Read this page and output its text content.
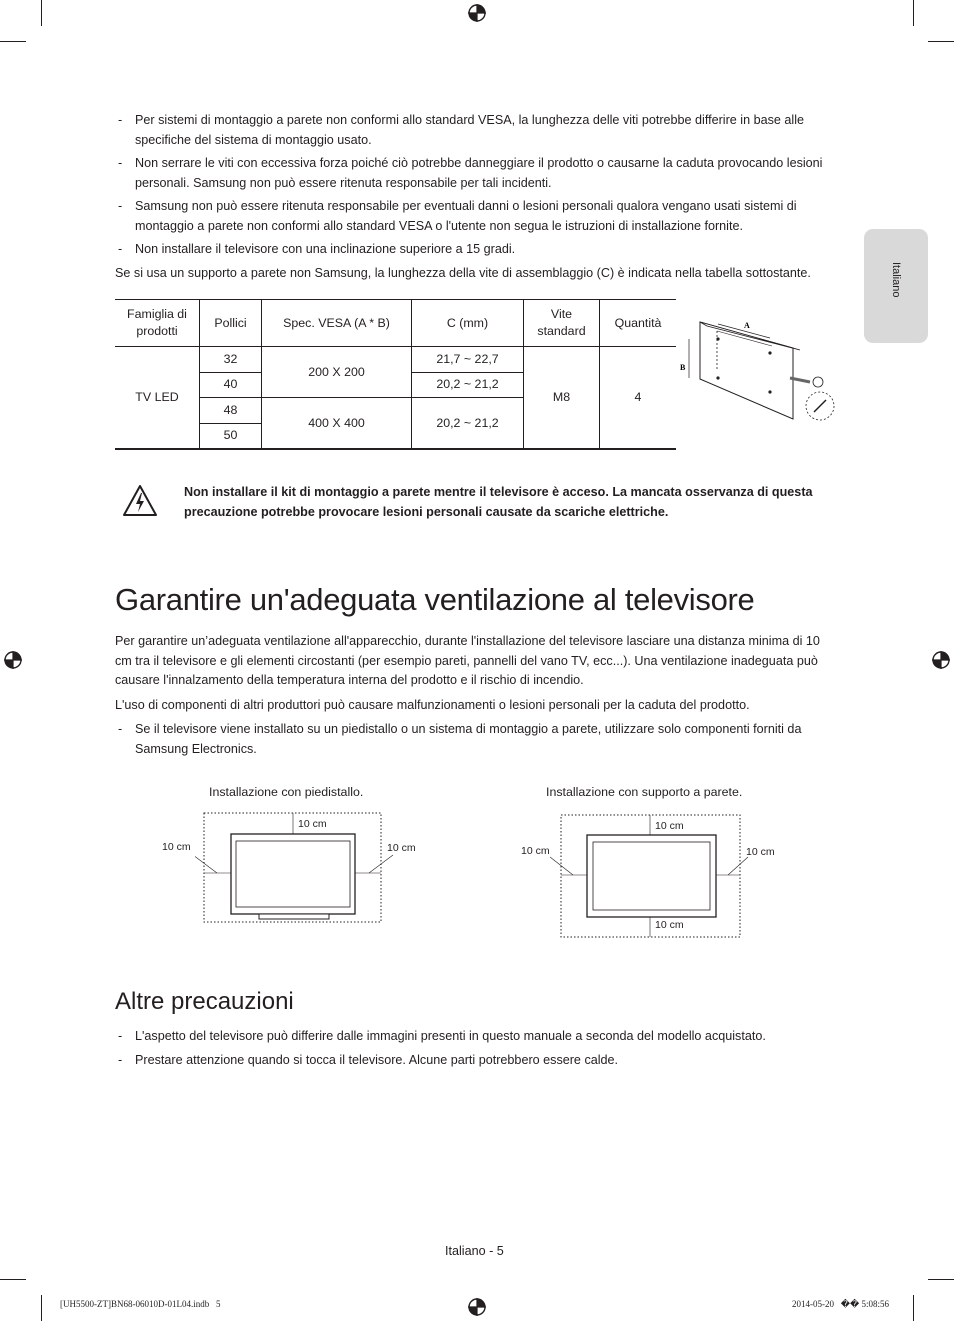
Italiano
- Per sistemi di montaggio a parete non conformi allo standard VESA, la lunghezza delle viti potrebbe differire in base alle specifiche del sistema di montaggio usato.
- Non serrare le viti con eccessiva forza poiché ciò potrebbe danneggiare il prodotto o causarne la caduta provocando lesioni personali. Samsung non può essere ritenuta responsabile per tali incidenti.
- Samsung non può essere ritenuta responsabile per eventuali danni o lesioni personali qualora vengano usati sistemi di montaggio a parete non conformi allo standard VESA o l'utente non segua le istruzioni di installazione fornite.
- Non installare il televisore con una inclinazione superiore a 15 gradi.
Se si usa un supporto a parete non Samsung, la lunghezza della vite di assemblaggio (C) è indicata nella tabella sottostante.
Famiglia di prodotti	Pollici	Spec. VESA (A * B)	C (mm)	Vite standard	Quantità
TV LED	32	200 X 200	21,7 ~ 22,7	M8	4
	40		20,2 ~ 21,2		
	48	400 X 400	20,2 ~ 21,2		
	50				
A
B
Non installare il kit di montaggio a parete mentre il televisore è acceso. La mancata osservanza di questa precauzione potrebbe provocare lesioni personali causate da scariche elettriche.
Garantire un'adeguata ventilazione al televisore
Per garantire un’adeguata ventilazione all'apparecchio, durante l'installazione del televisore lasciare una distanza minima di 10 cm tra il televisore e gli elementi circostanti (per esempio pareti, pannelli del vano TV, ecc...). Una ventilazione inadeguata può causare l'innalzamento della temperatura interna del prodotto e il rischio di incendio.
L'uso di componenti di altri produttori può causare malfunzionamenti o lesioni personali per la caduta del prodotto.
- Se il televisore viene installato su un piedistallo o un sistema di montaggio a parete, utilizzare solo componenti forniti da Samsung Electronics.
Installazione con piedistallo.	Installazione con supporto a parete.
10 cm
10 cm	10 cm
10 cm
10 cm	10 cm
10 cm
Altre precauzioni
- L'aspetto del televisore può differire dalle immagini presenti in questo manuale a seconda del modello acquistato.
- Prestare attenzione quando si tocca il televisore. Alcune parti potrebbero essere calde.
Italiano - 5
[UH5500-ZT]BN68-06010D-01L04.indb   5	2014-05-20   �� 5:08:56
